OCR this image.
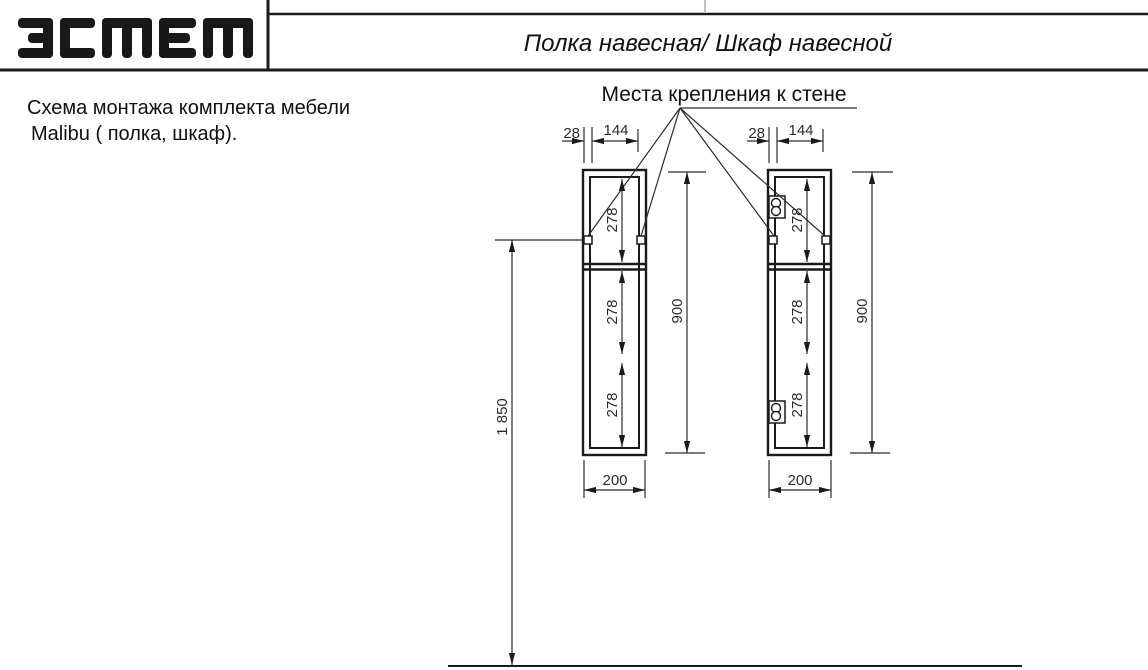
Полка навесная/ Шкаф навесной
Схема монтажа комплекта мебели
Malibu ( полка, шкаф).
Места крепления к стене
28 144	28 144
278
278
278
278
278
278
900	900
200	200
1 850
